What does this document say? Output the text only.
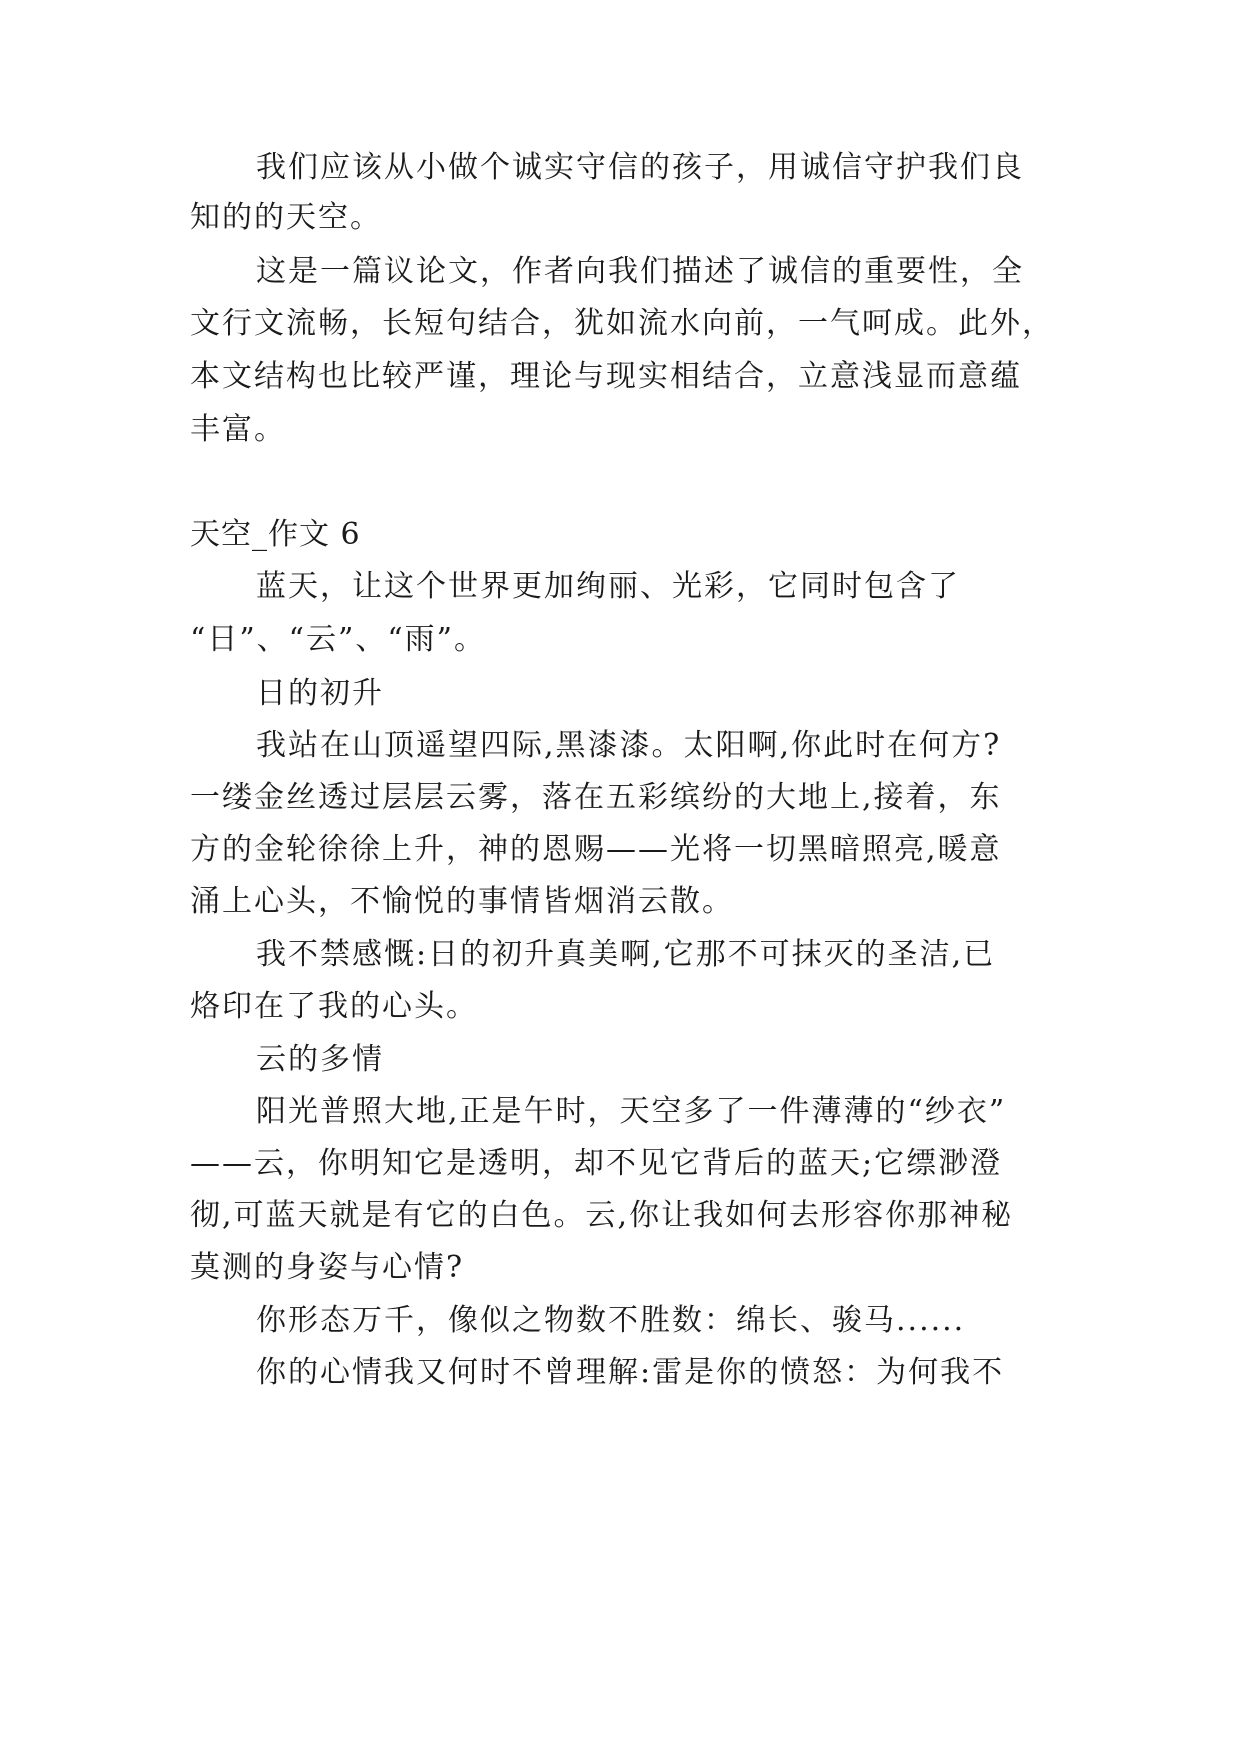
我们应该从小做个诚实守信的孩子，用诚信守护我们良
知的的天空。
这是一篇议论文，作者向我们描述了诚信的重要性，全
文行文流畅，长短句结合，犹如流水向前，一气呵成。此外，
本文结构也比较严谨，理论与现实相结合，立意浅显而意蕴
丰富。
天空_作文 6
蓝天，让这个世界更加绚丽、光彩，它同时包含了
“日”、“云”、“雨”。
日的初升
我站在山顶遥望四际,黑漆漆。太阳啊,你此时在何方?
一缕金丝透过层层云雾，落在五彩缤纷的大地上,接着，东
方的金轮徐徐上升，神的恩赐——光将一切黑暗照亮,暖意
涌上心头，不愉悦的事情皆烟消云散。
我不禁感慨:日的初升真美啊,它那不可抹灭的圣洁,已
烙印在了我的心头。
云的多情
阳光普照大地,正是午时，天空多了一件薄薄的“纱衣”
——云，你明知它是透明，却不见它背后的蓝天;它缥渺澄
彻,可蓝天就是有它的白色。云,你让我如何去形容你那神秘
莫测的身姿与心情?
你形态万千，像似之物数不胜数：绵长、骏马......
你的心情我又何时不曾理解:雷是你的愤怒：为何我不
